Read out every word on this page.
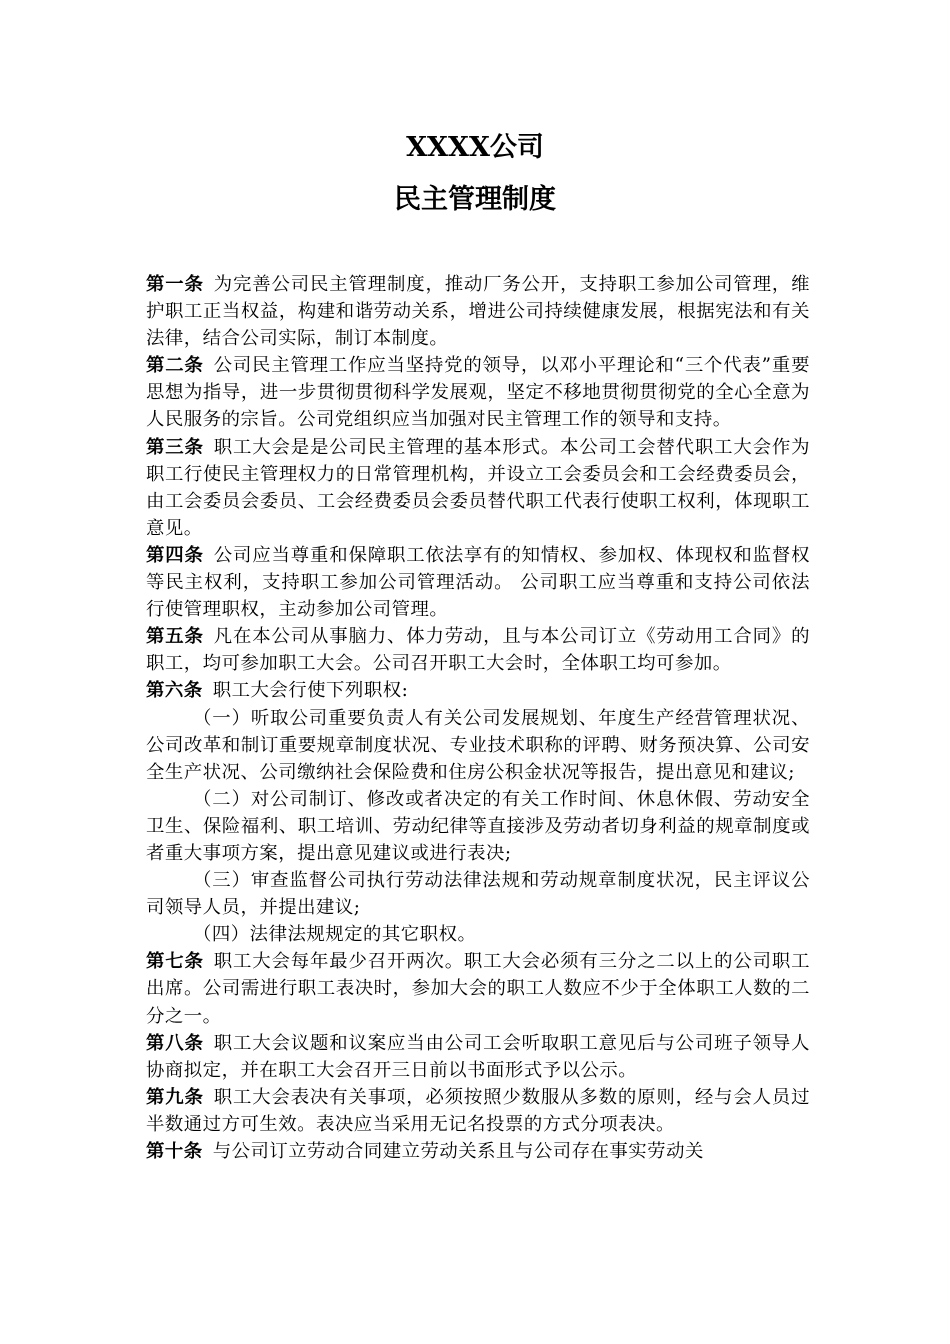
XXXX公司
民主管理制度

第一条 为完善公司民主管理制度，推动厂务公开，支持职工参加公司管理，维护职工正当权益，构建和谐劳动关系，增进公司持续健康发展，根据宪法和有关法律，结合公司实际，制订本制度。

第二条 公司民主管理工作应当坚持党的领导，以邓小平理论和“三个代表”重要思想为指导，进一步贯彻贯彻科学发展观，坚定不移地贯彻贯彻党的全心全意为人民服务的宗旨。公司党组织应当加强对民主管理工作的领导和支持。

第三条 职工大会是是公司民主管理的基本形式。本公司工会替代职工大会作为职工行使民主管理权力的日常管理机构，并设立工会委员会和工会经费委员会，由工会委员会委员、工会经费委员会委员替代职工代表行使职工权利，体现职工意见。

第四条 公司应当尊重和保障职工依法享有的知情权、参加权、体现权和监督权等民主权利，支持职工参加公司管理活动。 公司职工应当尊重和支持公司依法行使管理职权，主动参加公司管理。

第五条 凡在本公司从事脑力、体力劳动，且与本公司订立《劳动用工合同》的职工，均可参加职工大会。公司召开职工大会时，全体职工均可参加。

第六条 职工大会行使下列职权:

（一）听取公司重要负责人有关公司发展规划、年度生产经营管理状况、公司改革和制订重要规章制度状况、专业技术职称的评聘、财务预决算、公司安全生产状况、公司缴纳社会保险费和住房公积金状况等报告，提出意见和建议;

（二）对公司制订、修改或者决定的有关工作时间、休息休假、劳动安全卫生、保险福利、职工培训、劳动纪律等直接涉及劳动者切身利益的规章制度或者重大事项方案，提出意见建议或进行表决;

（三）审查监督公司执行劳动法律法规和劳动规章制度状况，民主评议公司领导人员，并提出建议;

（四）法律法规规定的其它职权。

第七条 职工大会每年最少召开两次。职工大会必须有三分之二以上的公司职工出席。公司需进行职工表决时，参加大会的职工人数应不少于全体职工人数的二分之一。

第八条 职工大会议题和议案应当由公司工会听取职工意见后与公司班子领导人协商拟定，并在职工大会召开三日前以书面形式予以公示。

第九条 职工大会表决有关事项，必须按照少数服从多数的原则，经与会人员过半数通过方可生效。表决应当采用无记名投票的方式分项表决。

第十条 与公司订立劳动合同建立劳动关系且与公司存在事实劳动关
